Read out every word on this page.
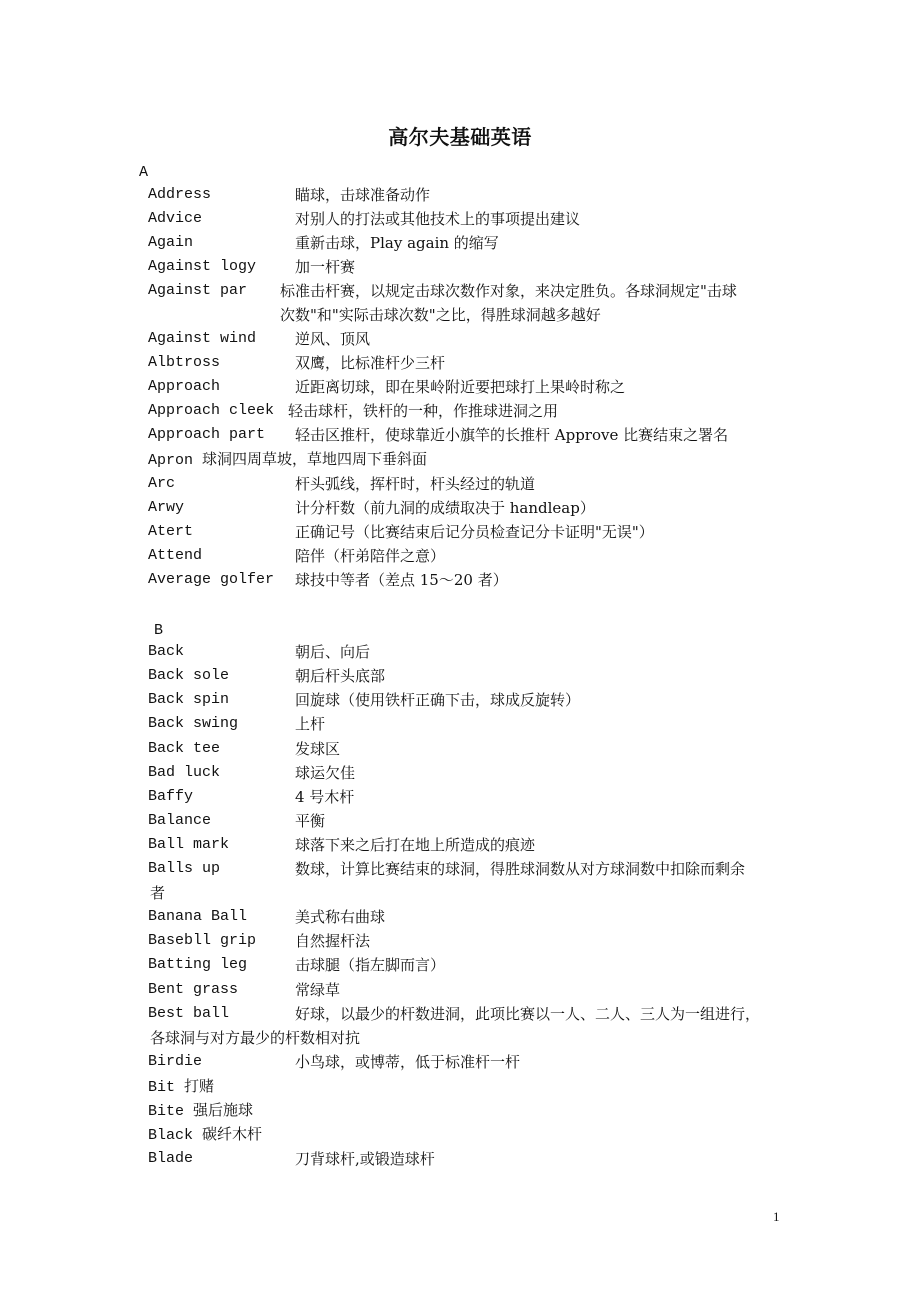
高尔夫基础英语
A
B
Address	瞄球，击球准备动作
Advice	对别人的打法或其他技术上的事项提出建议
Again	重新击球，Play again 的缩写
Against logy	加一杆赛
Against par 标准击杆赛，以规定击球次数作对象，来决定胜负。各球洞规定"击球
次数"和"实际击球次数"之比，得胜球洞越多越好
Against wind	逆风、顶风
Albtross	双鹰，比标准杆少三杆
Approach	近距离切球，即在果岭附近要把球打上果岭时称之
Approach cleek 轻击球杆，铁杆的一种，作推球进洞之用
Approach part 轻击区推杆，使球靠近小旗竿的长推杆 Approve 比赛结束之署名
Apron 球洞四周草坡，草地四周下垂斜面
Arc	杆头弧线，挥杆时，杆头经过的轨道
Arwy	计分杆数（前九洞的成绩取决于 handleap）
Atert	正确记号（比赛结束后记分员检查记分卡证明"无误"）
Attend	陪伴（杆弟陪伴之意）
Average golfer 球技中等者（差点 15～20 者）
Back	朝后、向后
Back sole	朝后杆头底部
Back spin	回旋球（使用铁杆正确下击，球成反旋转）
Back swing	上杆
Back tee	发球区
Bad luck	球运欠佳
Baffy	4 号木杆
Balance	平衡
Ball mark	球落下来之后打在地上所造成的痕迹
Balls up	数球，计算比赛结束的球洞，得胜球洞数从对方球洞数中扣除而剩余
者
Banana Ball	美式称右曲球
Basebll grip	自然握杆法
Batting leg	击球腿（指左脚而言）
Bent grass	常绿草
Best ball	好球，以最少的杆数进洞，此项比赛以一人、二人、三人为一组进行，
各球洞与对方最少的杆数相对抗
Birdie	小鸟球，或博蒂，低于标准杆一杆
Bit 打赌
Bite 强后施球
Black 碳纤木杆
Blade	刀背球杆,或锻造球杆
1
